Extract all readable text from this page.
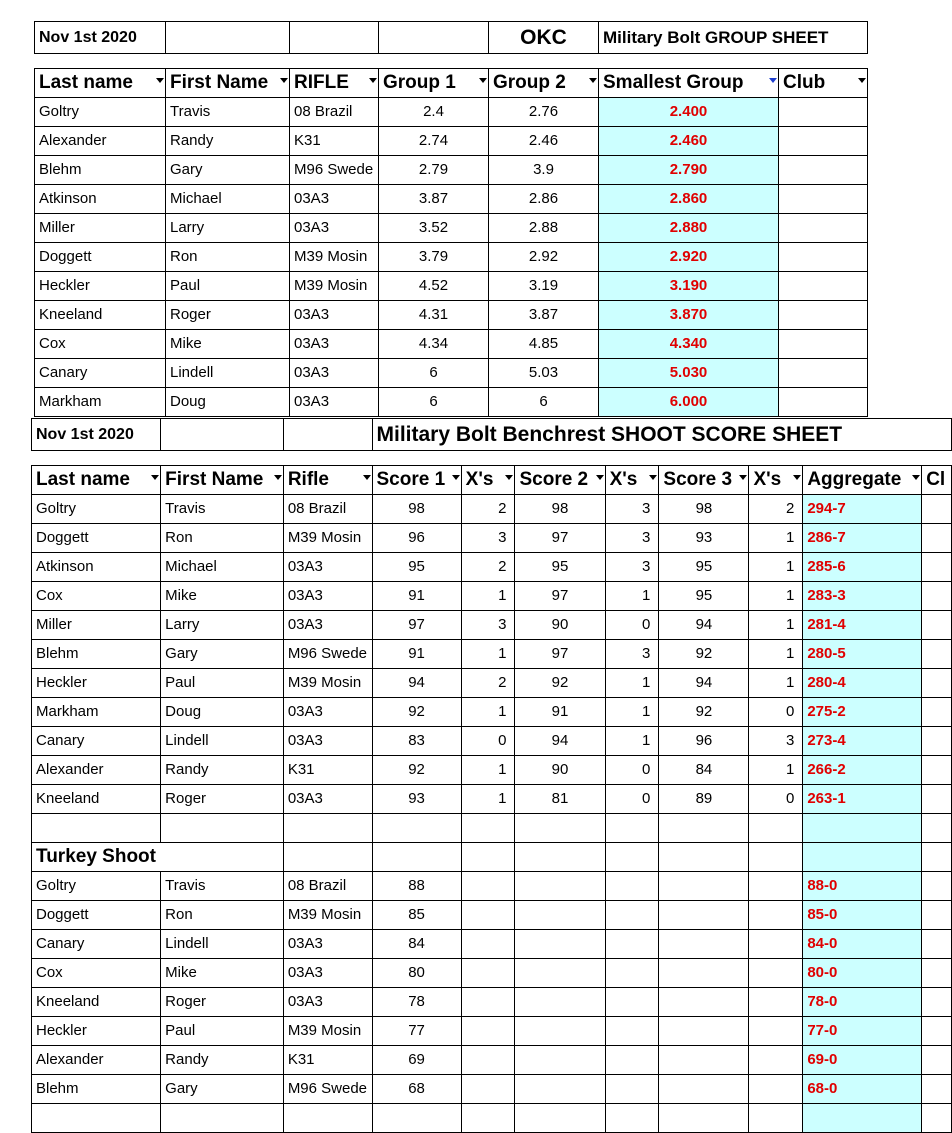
Nov 1st 2020				OKC	Military Bolt GROUP SHEET	

Last name	First Name	RIFLE	Group 1	Group 2	Smallest Group	Club

Goltry	Travis	08 Brazil	2.4	2.76	2.400	
Alexander	Randy	K31	2.74	2.46	2.460	
Blehm	Gary	M96 Swede	2.79	3.9	2.790	
Atkinson	Michael	03A3	3.87	2.86	2.860	
Miller	Larry	03A3	3.52	2.88	2.880	
Doggett	Ron	M39 Mosin	3.79	2.92	2.920	
Heckler	Paul	M39 Mosin	4.52	3.19	3.190	
Kneeland	Roger	03A3	4.31	3.87	3.870	
Cox	Mike	03A3	4.34	4.85	4.340	
Canary	Lindell	03A3	6	5.03	5.030	
Markham	Doug	03A3	6	6	6.000	
Nov 1st 2020			Military Bolt Benchrest SHOOT SCORE SHEET							

Last name	First Name	Rifle	Score 1	X's	Score 2	X's	Score 3	X's	Aggregate	Cl
Goltry	Travis	08 Brazil	98	2	98	3	98	2	294-7	
Doggett	Ron	M39 Mosin	96	3	97	3	93	1	286-7	
Atkinson	Michael	03A3	95	2	95	3	95	1	285-6	
Cox	Mike	03A3	91	1	97	1	95	1	283-3	
Miller	Larry	03A3	97	3	90	0	94	1	281-4	
Blehm	Gary	M96 Swede	91	1	97	3	92	1	280-5	
Heckler	Paul	M39 Mosin	94	2	92	1	94	1	280-4	
Markham	Doug	03A3	92	1	91	1	92	0	275-2	
Canary	Lindell	03A3	83	0	94	1	96	3	273-4	
Alexander	Randy	K31	92	1	90	0	84	1	266-2	
Kneeland	Roger	03A3	93	1	81	0	89	0	263-1	

Turkey Shoot										
Goltry	Travis	08 Brazil	88						88-0	
Doggett	Ron	M39 Mosin	85						85-0	
Canary	Lindell	03A3	84						84-0	
Cox	Mike	03A3	80						80-0	
Kneeland	Roger	03A3	78						78-0	
Heckler	Paul	M39 Mosin	77						77-0	
Alexander	Randy	K31	69						69-0	
Blehm	Gary	M96 Swede	68						68-0	
